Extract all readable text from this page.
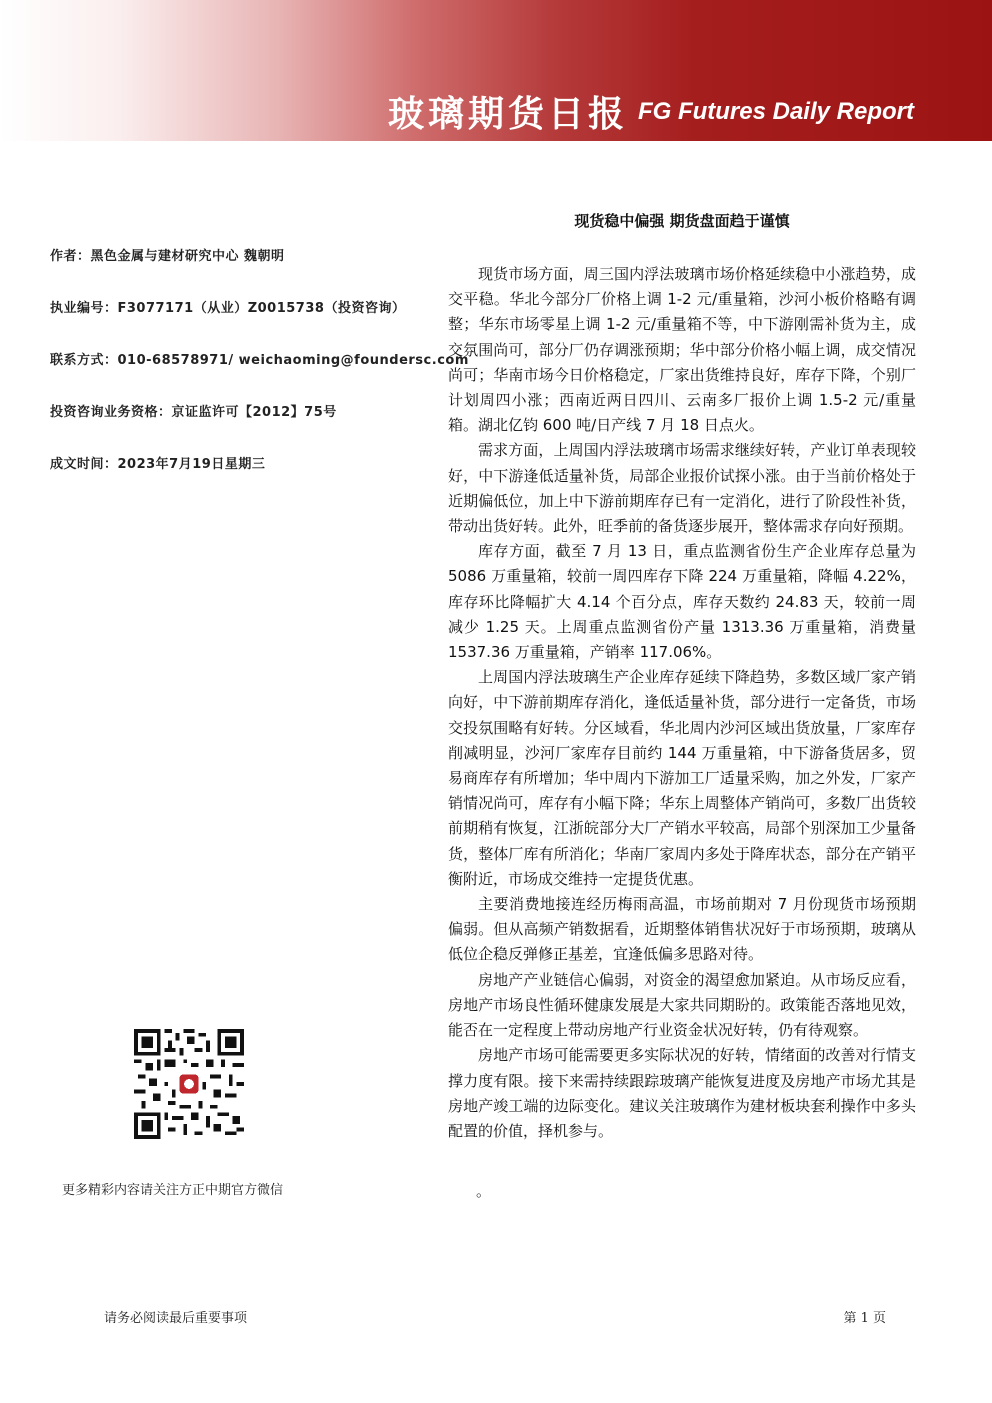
玻璃期货日报 FG Futures Daily Report
现货稳中偏强 期货盘面趋于谨慎
作者：黑色金属与建材研究中心 魏朝明
执业编号：F3077171（从业）Z0015738（投资咨询）
联系方式：010-68578971/ weichaoming@foundersc.com
投资咨询业务资格：京证监许可【2012】75号
成文时间：2023年7月19日星期三

现货市场方面，周三国内浮法玻璃市场价格延续稳中小涨趋势，成交平稳。华北今部分厂价格上调 1-2 元/重量箱，沙河小板价格略有调整；华东市场零星上调 1-2 元/重量箱不等，中下游刚需补货为主，成交氛围尚可，部分厂仍存调涨预期；华中部分价格小幅上调，成交情况尚可；华南市场今日价格稳定，厂家出货维持良好，库存下降，个别厂计划周四小涨；西南近两日四川、云南多厂报价上调 1.5-2 元/重量箱。湖北亿钧 600 吨/日产线 7 月 18 日点火。

需求方面，上周国内浮法玻璃市场需求继续好转，产业订单表现较好，中下游逢低适量补货，局部企业报价试探小涨。由于当前价格处于近期偏低位，加上中下游前期库存已有一定消化，进行了阶段性补货，带动出货好转。此外，旺季前的备货逐步展开，整体需求存向好预期。

库存方面，截至 7 月 13 日，重点监测省份生产企业库存总量为 5086 万重量箱，较前一周四库存下降 224 万重量箱，降幅 4.22%，库存环比降幅扩大 4.14 个百分点，库存天数约 24.83 天，较前一周减少 1.25 天。上周重点监测省份产量 1313.36 万重量箱，消费量 1537.36 万重量箱，产销率 117.06%。

上周国内浮法玻璃生产企业库存延续下降趋势，多数区域厂家产销向好，中下游前期库存消化，逢低适量补货，部分进行一定备货，市场交投氛围略有好转。分区域看，华北周内沙河区域出货放量，厂家库存削减明显，沙河厂家库存目前约 144 万重量箱，中下游备货居多，贸易商库存有所增加；华中周内下游加工厂适量采购，加之外发，厂家产销情况尚可，库存有小幅下降；华东上周整体产销尚可，多数厂出货较前期稍有恢复，江浙皖部分大厂产销水平较高，局部个别深加工少量备货，整体厂库有所消化；华南厂家周内多处于降库状态，部分在产销平衡附近，市场成交维持一定提货优惠。

主要消费地接连经历梅雨高温，市场前期对 7 月份现货市场预期偏弱。但从高频产销数据看，近期整体销售状况好于市场预期，玻璃从低位企稳反弹修正基差，宜逢低偏多思路对待。

房地产产业链信心偏弱，对资金的渴望愈加紧迫。从市场反应看，房地产市场良性循环健康发展是大家共同期盼的。政策能否落地见效，能否在一定程度上带动房地产行业资金状况好转，仍有待观察。

房地产市场可能需要更多实际状况的好转，情绪面的改善对行情支撑力度有限。接下来需持续跟踪玻璃产能恢复进度及房地产市场尤其是房地产竣工端的边际变化。建议关注玻璃作为建材板块套利操作中多头配置的价值，择机参与。

。
更多精彩内容请关注方正中期官方微信
请务必阅读最后重要事项	第 1 页
